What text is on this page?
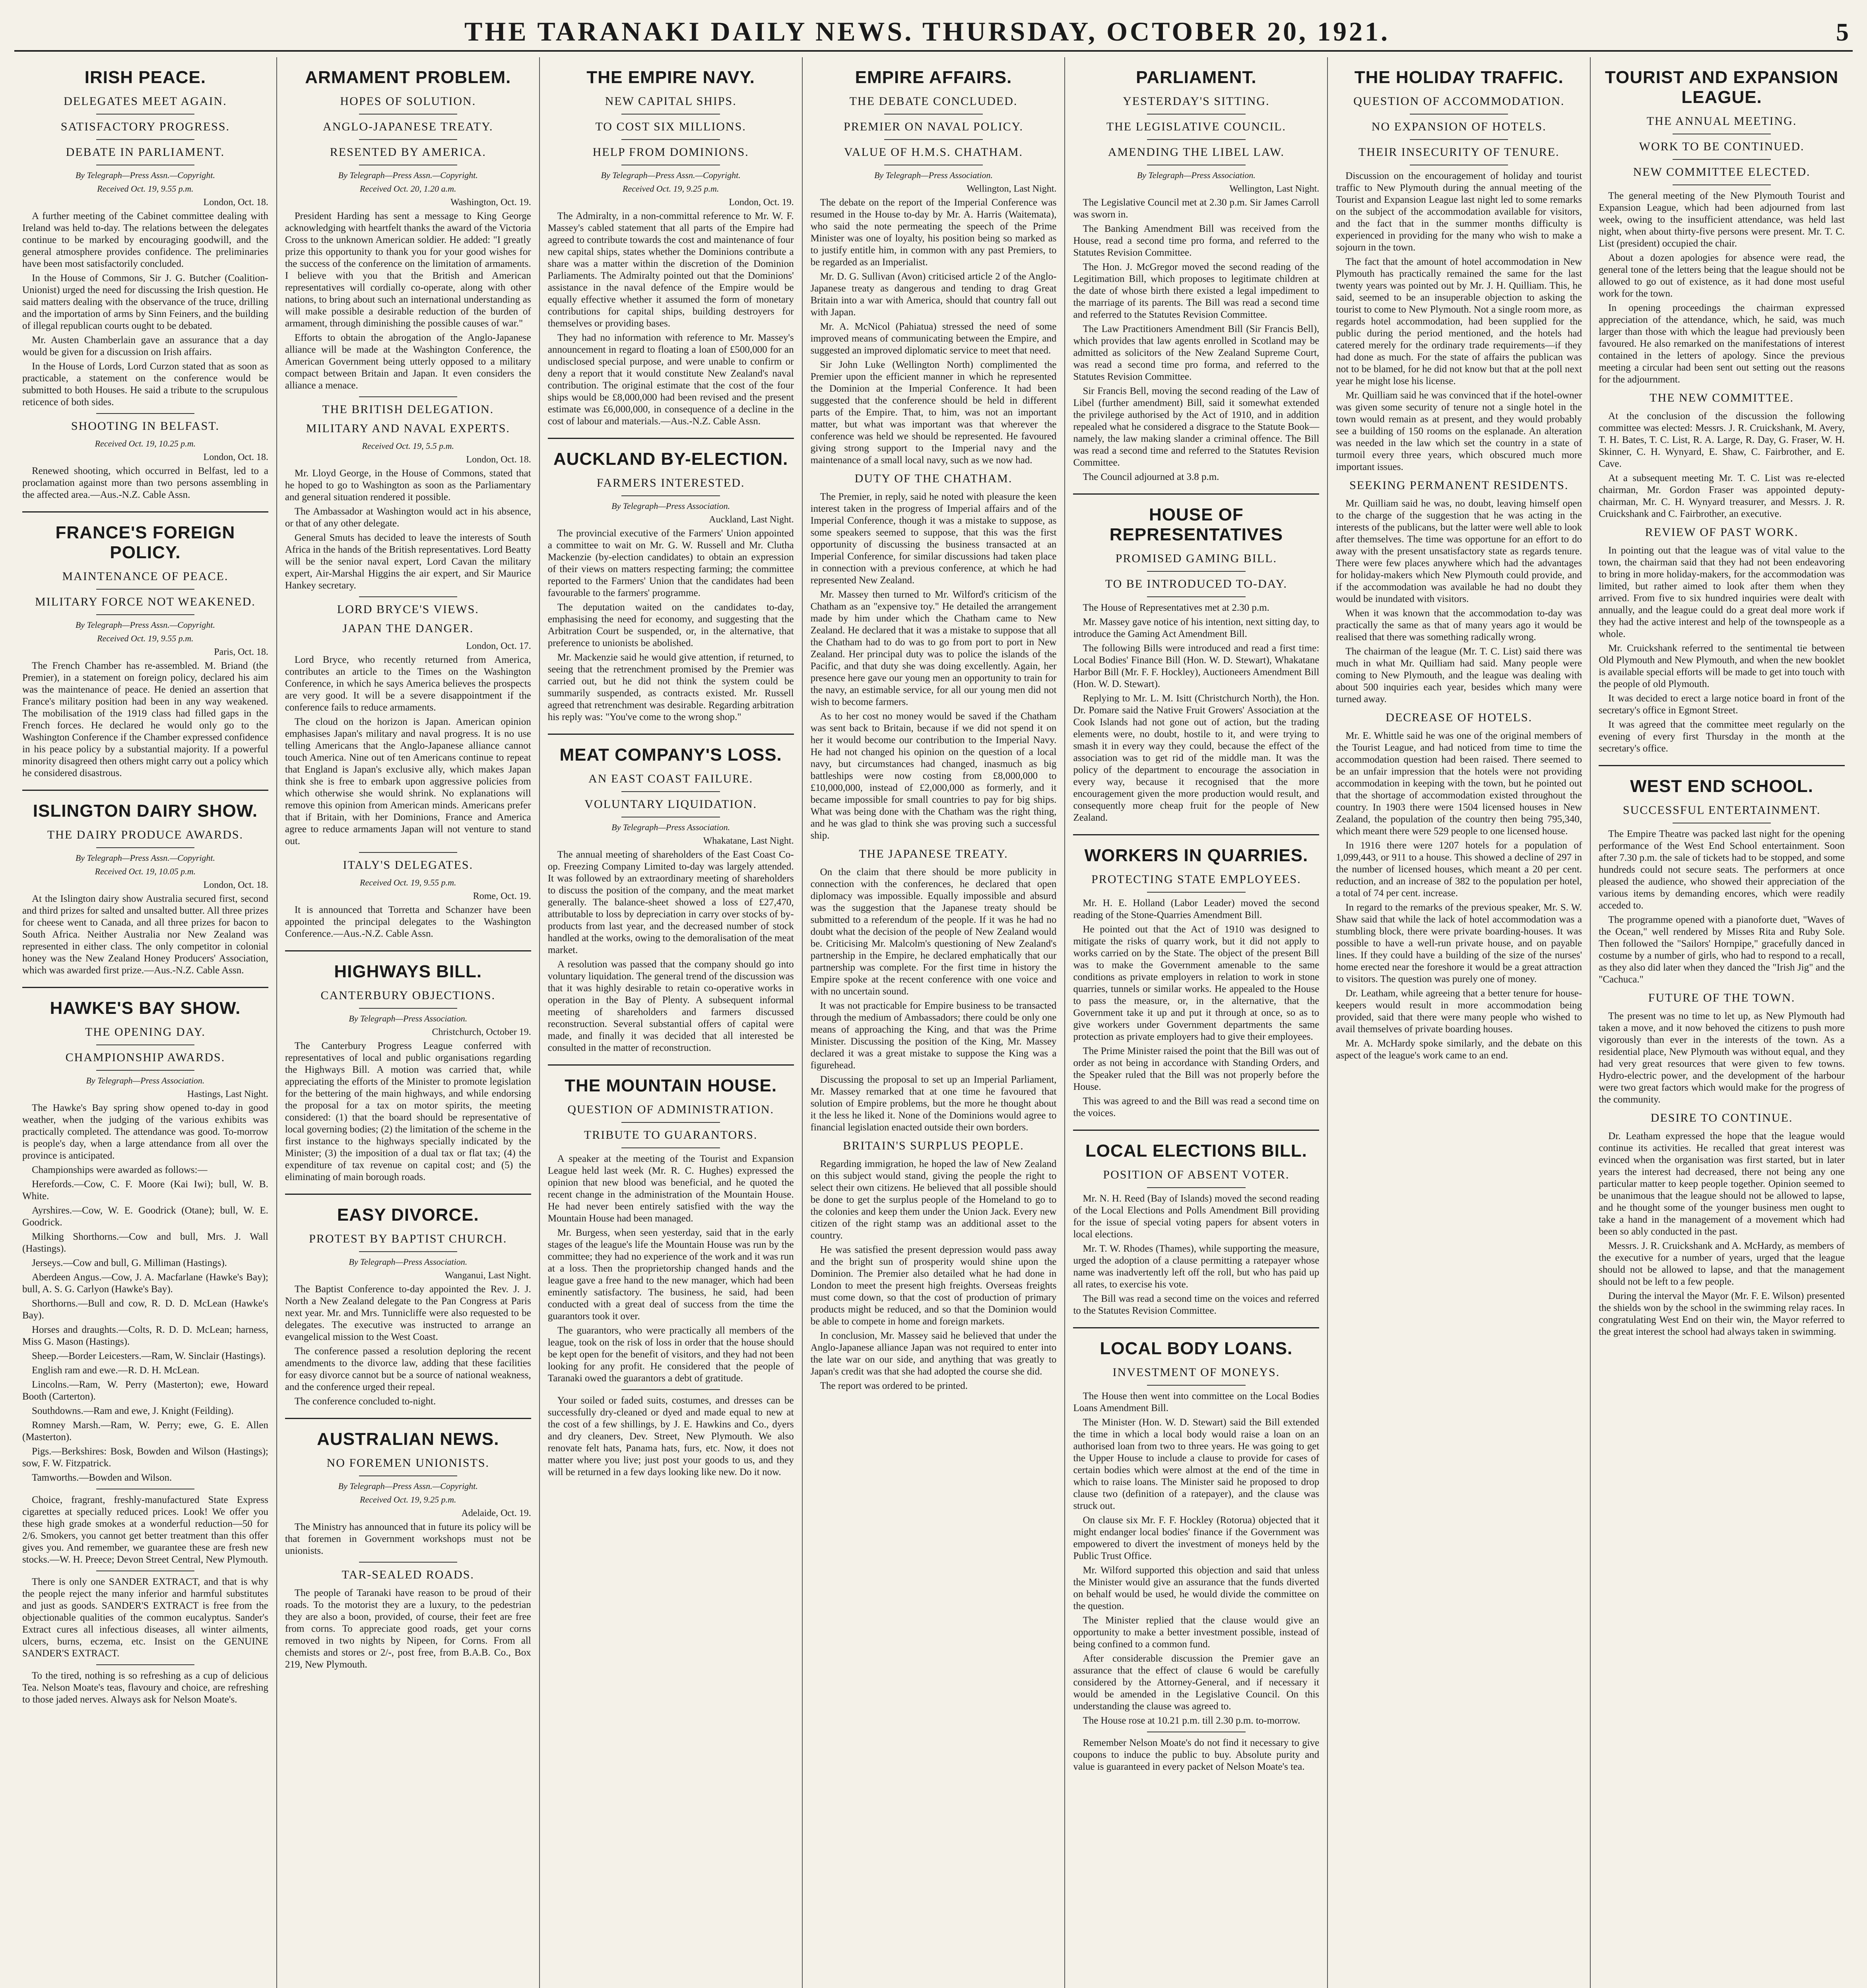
THE TARANAKI DAILY NEWS. THURSDAY, OCTOBER 20, 1921.	5
IRISH PEACE.
DELEGATES MEET AGAIN.
SATISFACTORY PROGRESS.
DEBATE IN PARLIAMENT.
By Telegraph—Press Assn.—Copyright.
Received Oct. 19, 9.55 p.m.
London, Oct. 18.

A further meeting of the Cabinet committee dealing with Ireland was held to-day. The relations between the delegates continue to be marked by encouraging goodwill, and the general atmosphere provides confidence. The preliminaries have been most satisfactorily concluded.

In the House of Commons, Sir J. G. Butcher (Coalition-Unionist) urged the need for discussing the Irish question. He said matters dealing with the observance of the truce, drilling and the importation of arms by Sinn Feiners, and the building of illegal republican courts ought to be debated.

Mr. Austen Chamberlain gave an assurance that a day would be given for a discussion on Irish affairs.

In the House of Lords, Lord Curzon stated that as soon as practicable, a statement on the conference would be submitted to both Houses. He said a tribute to the scrupulous reticence of both sides.

SHOOTING IN BELFAST.
Received Oct. 19, 10.25 p.m.
London, Oct. 18.

Renewed shooting, which occurred in Belfast, led to a proclamation against more than two persons assembling in the affected area.—Aus.-N.Z. Cable Assn.

FRANCE'S FOREIGN POLICY.
MAINTENANCE OF PEACE.
MILITARY FORCE NOT WEAKENED.
By Telegraph—Press Assn.—Copyright.
Received Oct. 19, 9.55 p.m.
Paris, Oct. 18.

The French Chamber has re-assembled. M. Briand (the Premier), in a statement on foreign policy, declared his aim was the maintenance of peace. He denied an assertion that France's military position had been in any way weakened. The mobilisation of the 1919 class had filled gaps in the French forces. He declared he would only go to the Washington Conference if the Chamber expressed confidence in his peace policy by a substantial majority. If a powerful minority disagreed then others might carry out a policy which he considered disastrous.

ISLINGTON DAIRY SHOW.
THE DAIRY PRODUCE AWARDS.
By Telegraph—Press Assn.—Copyright.
Received Oct. 19, 10.05 p.m.
London, Oct. 18.

At the Islington dairy show Australia secured first, second and third prizes for salted and unsalted butter. All three prizes for cheese went to Canada, and all three prizes for bacon to South Africa. Neither Australia nor New Zealand was represented in either class. The only competitor in colonial honey was the New Zealand Honey Producers' Association, which was awarded first prize.—Aus.-N.Z. Cable Assn.

HAWKE'S BAY SHOW.
THE OPENING DAY.
CHAMPIONSHIP AWARDS.
By Telegraph—Press Association.
Hastings, Last Night.

The Hawke's Bay spring show opened to-day in good weather, when the judging of the various exhibits was practically completed. The attendance was good. To-morrow is people's day, when a large attendance from all over the province is anticipated.

Championships were awarded as follows:—

Herefords.—Cow, C. F. Moore (Kai Iwi); bull, W. B. White.

Ayrshires.—Cow, W. E. Goodrick (Otane); bull, W. E. Goodrick.

Milking Shorthorns.—Cow and bull, Mrs. J. Wall (Hastings).

Jerseys.—Cow and bull, G. Milliman (Hastings).

Aberdeen Angus.—Cow, J. A. Macfarlane (Hawke's Bay); bull, A. S. G. Carlyon (Hawke's Bay).

Shorthorns.—Bull and cow, R. D. D. McLean (Hawke's Bay).

Horses and draughts.—Colts, R. D. D. McLean; harness, Miss G. Mason (Hastings).

Sheep.—Border Leicesters.—Ram, W. Sinclair (Hastings).

English ram and ewe.—R. D. H. McLean.

Lincolns.—Ram, W. Perry (Masterton); ewe, Howard Booth (Carterton).

Southdowns.—Ram and ewe, J. Knight (Feilding).

Romney Marsh.—Ram, W. Perry; ewe, G. E. Allen (Masterton).

Pigs.—Berkshires: Bosk, Bowden and Wilson (Hastings); sow, F. W. Fitzpatrick.

Tamworths.—Bowden and Wilson.

Choice, fragrant, freshly-manufactured State Express cigarettes at specially reduced prices. Look! We offer you these high grade smokes at a wonderful reduction—50 for 2/6. Smokers, you cannot get better treatment than this offer gives you. And remember, we guarantee these are fresh new stocks.—W. H. Preece; Devon Street Central, New Plymouth.

There is only one SANDER EXTRACT, and that is why the people reject the many inferior and harmful substitutes and just as goods. SANDER'S EXTRACT is free from the objectionable qualities of the common eucalyptus. Sander's Extract cures all infectious diseases, all winter ailments, ulcers, burns, eczema, etc. Insist on the GENUINE SANDER'S EXTRACT.

To the tired, nothing is so refreshing as a cup of delicious Tea. Nelson Moate's teas, flavoury and choice, are refreshing to those jaded nerves. Always ask for Nelson Moate's.

ARMAMENT PROBLEM.
HOPES OF SOLUTION.
ANGLO-JAPANESE TREATY.
RESENTED BY AMERICA.
By Telegraph—Press Assn.—Copyright.
Received Oct. 20, 1.20 a.m.
Washington, Oct. 19.

President Harding has sent a message to King George acknowledging with heartfelt thanks the award of the Victoria Cross to the unknown American soldier. He added: "I greatly prize this opportunity to thank you for your good wishes for the success of the conference on the limitation of armaments. I believe with you that the British and American representatives will cordially co-operate, along with other nations, to bring about such an international understanding as will make possible a desirable reduction of the burden of armament, through diminishing the possible causes of war."

Efforts to obtain the abrogation of the Anglo-Japanese alliance will be made at the Washington Conference, the American Government being utterly opposed to a military compact between Britain and Japan. It even considers the alliance a menace.

THE BRITISH DELEGATION.
MILITARY AND NAVAL EXPERTS.
Received Oct. 19, 5.5 p.m.
London, Oct. 18.

Mr. Lloyd George, in the House of Commons, stated that he hoped to go to Washington as soon as the Parliamentary and general situation rendered it possible.

The Ambassador at Washington would act in his absence, or that of any other delegate.

General Smuts has decided to leave the interests of South Africa in the hands of the British representatives. Lord Beatty will be the senior naval expert, Lord Cavan the military expert, Air-Marshal Higgins the air expert, and Sir Maurice Hankey secretary.

LORD BRYCE'S VIEWS.
JAPAN THE DANGER.
London, Oct. 17.

Lord Bryce, who recently returned from America, contributes an article to the Times on the Washington Conference, in which he says America believes the prospects are very good. It will be a severe disappointment if the conference fails to reduce armaments.

The cloud on the horizon is Japan. American opinion emphasises Japan's military and naval progress. It is no use telling Americans that the Anglo-Japanese alliance cannot touch America. Nine out of ten Americans continue to repeat that England is Japan's exclusive ally, which makes Japan think she is free to embark upon aggressive policies from which otherwise she would shrink. No explanations will remove this opinion from American minds. Americans prefer that if Britain, with her Dominions, France and America agree to reduce armaments Japan will not venture to stand out.

ITALY'S DELEGATES.
Received Oct. 19, 9.55 p.m.
Rome, Oct. 19.

It is announced that Torretta and Schanzer have been appointed the principal delegates to the Washington Conference.—Aus.-N.Z. Cable Assn.

HIGHWAYS BILL.
CANTERBURY OBJECTIONS.
By Telegraph—Press Association.
Christchurch, October 19.

The Canterbury Progress League conferred with representatives of local and public organisations regarding the Highways Bill. A motion was carried that, while appreciating the efforts of the Minister to promote legislation for the bettering of the main highways, and while endorsing the proposal for a tax on motor spirits, the meeting considered: (1) that the board should be representative of local governing bodies; (2) the limitation of the scheme in the first instance to the highways specially indicated by the Minister; (3) the imposition of a dual tax or flat tax; (4) the expenditure of tax revenue on capital cost; and (5) the eliminating of main borough roads.

EASY DIVORCE.
PROTEST BY BAPTIST CHURCH.
By Telegraph—Press Association.
Wanganui, Last Night.

The Baptist Conference to-day appointed the Rev. J. J. North a New Zealand delegate to the Pan Congress at Paris next year. Mr. and Mrs. Tunnicliffe were also requested to be delegates. The executive was instructed to arrange an evangelical mission to the West Coast.

The conference passed a resolution deploring the recent amendments to the divorce law, adding that these facilities for easy divorce cannot but be a source of national weakness, and the conference urged their repeal.

The conference concluded to-night.

AUSTRALIAN NEWS.
NO FOREMEN UNIONISTS.
By Telegraph—Press Assn.—Copyright.
Received Oct. 19, 9.25 p.m.
Adelaide, Oct. 19.

The Ministry has announced that in future its policy will be that foremen in Government workshops must not be unionists.

TAR-SEALED ROADS.

The people of Taranaki have reason to be proud of their roads. To the motorist they are a luxury, to the pedestrian they are also a boon, provided, of course, their feet are free from corns. To appreciate good roads, get your corns removed in two nights by Nipeen, for Corns. From all chemists and stores or 2/-, post free, from B.A.B. Co., Box 219, New Plymouth.

THE EMPIRE NAVY.
NEW CAPITAL SHIPS.
TO COST SIX MILLIONS.
HELP FROM DOMINIONS.
By Telegraph—Press Assn.—Copyright.
Received Oct. 19, 9.25 p.m.
London, Oct. 19.

The Admiralty, in a non-committal reference to Mr. W. F. Massey's cabled statement that all parts of the Empire had agreed to contribute towards the cost and maintenance of four new capital ships, states whether the Dominions contribute a share was a matter within the discretion of the Dominion Parliaments. The Admiralty pointed out that the Dominions' assistance in the naval defence of the Empire would be equally effective whether it assumed the form of monetary contributions for capital ships, building destroyers for themselves or providing bases.

They had no information with reference to Mr. Massey's announcement in regard to floating a loan of £500,000 for an undisclosed special purpose, and were unable to confirm or deny a report that it would constitute New Zealand's naval contribution. The original estimate that the cost of the four ships would be £8,000,000 had been revised and the present estimate was £6,000,000, in consequence of a decline in the cost of labour and materials.—Aus.-N.Z. Cable Assn.

AUCKLAND BY-ELECTION.
FARMERS INTERESTED.
By Telegraph—Press Association.
Auckland, Last Night.

The provincial executive of the Farmers' Union appointed a committee to wait on Mr. G. W. Russell and Mr. Clutha Mackenzie (by-election candidates) to obtain an expression of their views on matters respecting farming; the committee reported to the Farmers' Union that the candidates had been favourable to the farmers' programme.

The deputation waited on the candidates to-day, emphasising the need for economy, and suggesting that the Arbitration Court be suspended, or, in the alternative, that preference to unionists be abolished.

Mr. Mackenzie said he would give attention, if returned, to seeing that the retrenchment promised by the Premier was carried out, but he did not think the system could be summarily suspended, as contracts existed. Mr. Russell agreed that retrenchment was desirable. Regarding arbitration his reply was: "You've come to the wrong shop."

MEAT COMPANY'S LOSS.
AN EAST COAST FAILURE.
VOLUNTARY LIQUIDATION.
By Telegraph—Press Association.
Whakatane, Last Night.

The annual meeting of shareholders of the East Coast Co-op. Freezing Company Limited to-day was largely attended. It was followed by an extraordinary meeting of shareholders to discuss the position of the company, and the meat market generally. The balance-sheet showed a loss of £27,470, attributable to loss by depreciation in carry over stocks of by-products from last year, and the decreased number of stock handled at the works, owing to the demoralisation of the meat market.

A resolution was passed that the company should go into voluntary liquidation. The general trend of the discussion was that it was highly desirable to retain co-operative works in operation in the Bay of Plenty. A subsequent informal meeting of shareholders and farmers discussed reconstruction. Several substantial offers of capital were made, and finally it was decided that all interested be consulted in the matter of reconstruction.

THE MOUNTAIN HOUSE.
QUESTION OF ADMINISTRATION.
TRIBUTE TO GUARANTORS.

A speaker at the meeting of the Tourist and Expansion League held last week (Mr. R. C. Hughes) expressed the opinion that new blood was beneficial, and he quoted the recent change in the administration of the Mountain House. He had never been entirely satisfied with the way the Mountain House had been managed.

Mr. Burgess, when seen yesterday, said that in the early stages of the league's life the Mountain House was run by the committee; they had no experience of the work and it was run at a loss. Then the proprietorship changed hands and the league gave a free hand to the new manager, which had been eminently satisfactory. The business, he said, had been conducted with a great deal of success from the time the guarantors took it over.

The guarantors, who were practically all members of the league, took on the risk of loss in order that the house should be kept open for the benefit of visitors, and they had not been looking for any profit. He considered that the people of Taranaki owed the guarantors a debt of gratitude.

Your soiled or faded suits, costumes, and dresses can be successfully dry-cleaned or dyed and made equal to new at the cost of a few shillings, by J. E. Hawkins and Co., dyers and dry cleaners, Dev. Street, New Plymouth. We also renovate felt hats, Panama hats, furs, etc. Now, it does not matter where you live; just post your goods to us, and they will be returned in a few days looking like new. Do it now.

EMPIRE AFFAIRS.
THE DEBATE CONCLUDED.
PREMIER ON NAVAL POLICY.
VALUE OF H.M.S. CHATHAM.
By Telegraph—Press Association.
Wellington, Last Night.

The debate on the report of the Imperial Conference was resumed in the House to-day by Mr. A. Harris (Waitemata), who said the note permeating the speech of the Prime Minister was one of loyalty, his position being so marked as to justify entitle him, in common with any past Premiers, to be regarded as an Imperialist.

Mr. D. G. Sullivan (Avon) criticised article 2 of the Anglo-Japanese treaty as dangerous and tending to drag Great Britain into a war with America, should that country fall out with Japan.

Mr. A. McNicol (Pahiatua) stressed the need of some improved means of communicating between the Empire, and suggested an improved diplomatic service to meet that need.

Sir John Luke (Wellington North) complimented the Premier upon the efficient manner in which he represented the Dominion at the Imperial Conference. It had been suggested that the conference should be held in different parts of the Empire. That, to him, was not an important matter, but what was important was that wherever the conference was held we should be represented. He favoured giving strong support to the Imperial navy and the maintenance of a small local navy, such as we now had.

DUTY OF THE CHATHAM.

The Premier, in reply, said he noted with pleasure the keen interest taken in the progress of Imperial affairs and of the Imperial Conference, though it was a mistake to suppose, as some speakers seemed to suppose, that this was the first opportunity of discussing the business transacted at an Imperial Conference, for similar discussions had taken place in connection with a previous conference, at which he had represented New Zealand.

Mr. Massey then turned to Mr. Wilford's criticism of the Chatham as an "expensive toy." He detailed the arrangement made by him under which the Chatham came to New Zealand. He declared that it was a mistake to suppose that all the Chatham had to do was to go from port to port in New Zealand. Her principal duty was to police the islands of the Pacific, and that duty she was doing excellently. Again, her presence here gave our young men an opportunity to train for the navy, an estimable service, for all our young men did not wish to become farmers.

As to her cost no money would be saved if the Chatham was sent back to Britain, because if we did not spend it on her it would become our contribution to the Imperial Navy. He had not changed his opinion on the question of a local navy, but circumstances had changed, inasmuch as big battleships were now costing from £8,000,000 to £10,000,000, instead of £2,000,000 as formerly, and it became impossible for small countries to pay for big ships. What was being done with the Chatham was the right thing, and he was glad to think she was proving such a successful ship.

THE JAPANESE TREATY.

On the claim that there should be more publicity in connection with the conferences, he declared that open diplomacy was impossible. Equally impossible and absurd was the suggestion that the Japanese treaty should be submitted to a referendum of the people. If it was he had no doubt what the decision of the people of New Zealand would be. Criticising Mr. Malcolm's questioning of New Zealand's partnership in the Empire, he declared emphatically that our partnership was complete. For the first time in history the Empire spoke at the recent conference with one voice and with no uncertain sound.

It was not practicable for Empire business to be transacted through the medium of Ambassadors; there could be only one means of approaching the King, and that was the Prime Minister. Discussing the position of the King, Mr. Massey declared it was a great mistake to suppose the King was a figurehead.

Discussing the proposal to set up an Imperial Parliament, Mr. Massey remarked that at one time he favoured that solution of Empire problems, but the more he thought about it the less he liked it. None of the Dominions would agree to financial legislation enacted outside their own borders.

BRITAIN'S SURPLUS PEOPLE.

Regarding immigration, he hoped the law of New Zealand on this subject would stand, giving the people the right to select their own citizens. He believed that all possible should be done to get the surplus people of the Homeland to go to the colonies and keep them under the Union Jack. Every new citizen of the right stamp was an additional asset to the country.

He was satisfied the present depression would pass away and the bright sun of prosperity would shine upon the Dominion. The Premier also detailed what he had done in London to meet the present high freights. Overseas freights must come down, so that the cost of production of primary products might be reduced, and so that the Dominion would be able to compete in home and foreign markets.

In conclusion, Mr. Massey said he believed that under the Anglo-Japanese alliance Japan was not required to enter into the late war on our side, and anything that was greatly to Japan's credit was that she had adopted the course she did.

The report was ordered to be printed.

PARLIAMENT.
YESTERDAY'S SITTING.
THE LEGISLATIVE COUNCIL.
AMENDING THE LIBEL LAW.
By Telegraph—Press Association.
Wellington, Last Night.

The Legislative Council met at 2.30 p.m. Sir James Carroll was sworn in.

The Banking Amendment Bill was received from the House, read a second time pro forma, and referred to the Statutes Revision Committee.

The Hon. J. McGregor moved the second reading of the Legitimation Bill, which proposes to legitimate children at the date of whose birth there existed a legal impediment to the marriage of its parents. The Bill was read a second time and referred to the Statutes Revision Committee.

The Law Practitioners Amendment Bill (Sir Francis Bell), which provides that law agents enrolled in Scotland may be admitted as solicitors of the New Zealand Supreme Court, was read a second time pro forma, and referred to the Statutes Revision Committee.

Sir Francis Bell, moving the second reading of the Law of Libel (further amendment) Bill, said it somewhat extended the privilege authorised by the Act of 1910, and in addition repealed what he considered a disgrace to the Statute Book—namely, the law making slander a criminal offence. The Bill was read a second time and referred to the Statutes Revision Committee.

The Council adjourned at 3.8 p.m.

HOUSE OF REPRESENTATIVES
PROMISED GAMING BILL.
TO BE INTRODUCED TO-DAY.

The House of Representatives met at 2.30 p.m.

Mr. Massey gave notice of his intention, next sitting day, to introduce the Gaming Act Amendment Bill.

The following Bills were introduced and read a first time: Local Bodies' Finance Bill (Hon. W. D. Stewart), Whakatane Harbor Bill (Mr. F. F. Hockley), Auctioneers Amendment Bill (Hon. W. D. Stewart).

Replying to Mr. L. M. Isitt (Christchurch North), the Hon. Dr. Pomare said the Native Fruit Growers' Association at the Cook Islands had not gone out of action, but the trading elements were, no doubt, hostile to it, and were trying to smash it in every way they could, because the effect of the association was to get rid of the middle man. It was the policy of the department to encourage the association in every way, because it recognised that the more encouragement given the more production would result, and consequently more cheap fruit for the people of New Zealand.

WORKERS IN QUARRIES.
PROTECTING STATE EMPLOYEES.

Mr. H. E. Holland (Labor Leader) moved the second reading of the Stone-Quarries Amendment Bill.

He pointed out that the Act of 1910 was designed to mitigate the risks of quarry work, but it did not apply to works carried on by the State. The object of the present Bill was to make the Government amenable to the same conditions as private employers in relation to work in stone quarries, tunnels or similar works. He appealed to the House to pass the measure, or, in the alternative, that the Government take it up and put it through at once, so as to give workers under Government departments the same protection as private employers had to give their employees.

The Prime Minister raised the point that the Bill was out of order as not being in accordance with Standing Orders, and the Speaker ruled that the Bill was not properly before the House.

This was agreed to and the Bill was read a second time on the voices.

LOCAL ELECTIONS BILL.
POSITION OF ABSENT VOTER.

Mr. N. H. Reed (Bay of Islands) moved the second reading of the Local Elections and Polls Amendment Bill providing for the issue of special voting papers for absent voters in local elections.

Mr. T. W. Rhodes (Thames), while supporting the measure, urged the adoption of a clause permitting a ratepayer whose name was inadvertently left off the roll, but who has paid up all rates, to exercise his vote.

The Bill was read a second time on the voices and referred to the Statutes Revision Committee.

LOCAL BODY LOANS.
INVESTMENT OF MONEYS.

The House then went into committee on the Local Bodies Loans Amendment Bill.

The Minister (Hon. W. D. Stewart) said the Bill extended the time in which a local body would raise a loan on an authorised loan from two to three years. He was going to get the Upper House to include a clause to provide for cases of certain bodies which were almost at the end of the time in which to raise loans. The Minister said he proposed to drop clause two (definition of a ratepayer), and the clause was struck out.

On clause six Mr. F. F. Hockley (Rotorua) objected that it might endanger local bodies' finance if the Government was empowered to divert the investment of moneys held by the Public Trust Office.

Mr. Wilford supported this objection and said that unless the Minister would give an assurance that the funds diverted on behalf would be used, he would divide the committee on the question.

The Minister replied that the clause would give an opportunity to make a better investment possible, instead of being confined to a common fund.

After considerable discussion the Premier gave an assurance that the effect of clause 6 would be carefully considered by the Attorney-General, and if necessary it would be amended in the Legislative Council. On this understanding the clause was agreed to.

The House rose at 10.21 p.m. till 2.30 p.m. to-morrow.

Remember Nelson Moate's do not find it necessary to give coupons to induce the public to buy. Absolute purity and value is guaranteed in every packet of Nelson Moate's tea.

THE HOLIDAY TRAFFIC.
QUESTION OF ACCOMMODATION.
NO EXPANSION OF HOTELS.
THEIR INSECURITY OF TENURE.

Discussion on the encouragement of holiday and tourist traffic to New Plymouth during the annual meeting of the Tourist and Expansion League last night led to some remarks on the subject of the accommodation available for visitors, and the fact that in the summer months difficulty is experienced in providing for the many who wish to make a sojourn in the town.

The fact that the amount of hotel accommodation in New Plymouth has practically remained the same for the last twenty years was pointed out by Mr. J. H. Quilliam. This, he said, seemed to be an insuperable objection to asking the tourist to come to New Plymouth. Not a single room more, as regards hotel accommodation, had been supplied for the public during the period mentioned, and the hotels had catered merely for the ordinary trade requirements—if they had done as much. For the state of affairs the publican was not to be blamed, for he did not know but that at the poll next year he might lose his license.

Mr. Quilliam said he was convinced that if the hotel-owner was given some security of tenure not a single hotel in the town would remain as at present, and they would probably see a building of 150 rooms on the esplanade. An alteration was needed in the law which set the country in a state of turmoil every three years, which obscured much more important issues.

SEEKING PERMANENT RESIDENTS.

Mr. Quilliam said he was, no doubt, leaving himself open to the charge of the suggestion that he was acting in the interests of the publicans, but the latter were well able to look after themselves. The time was opportune for an effort to do away with the present unsatisfactory state as regards tenure. There were few places anywhere which had the advantages for holiday-makers which New Plymouth could provide, and if the accommodation was available he had no doubt they would be inundated with visitors.

When it was known that the accommodation to-day was practically the same as that of many years ago it would be realised that there was something radically wrong.

The chairman of the league (Mr. T. C. List) said there was much in what Mr. Quilliam had said. Many people were coming to New Plymouth, and the league was dealing with about 500 inquiries each year, besides which many were turned away.

DECREASE OF HOTELS.

Mr. E. Whittle said he was one of the original members of the Tourist League, and had noticed from time to time the accommodation question had been raised. There seemed to be an unfair impression that the hotels were not providing accommodation in keeping with the town, but he pointed out that the shortage of accommodation existed throughout the country. In 1903 there were 1504 licensed houses in New Zealand, the population of the country then being 795,340, which meant there were 529 people to one licensed house.

In 1916 there were 1207 hotels for a population of 1,099,443, or 911 to a house. This showed a decline of 297 in the number of licensed houses, which meant a 20 per cent. reduction, and an increase of 382 to the population per hotel, a total of 74 per cent. increase.

In regard to the remarks of the previous speaker, Mr. S. W. Shaw said that while the lack of hotel accommodation was a stumbling block, there were private boarding-houses. It was possible to have a well-run private house, and on payable lines. If they could have a building of the size of the nurses' home erected near the foreshore it would be a great attraction to visitors. The question was purely one of money.

Dr. Leatham, while agreeing that a better tenure for house-keepers would result in more accommodation being provided, said that there were many people who wished to avail themselves of private boarding houses.

Mr. A. McHardy spoke similarly, and the debate on this aspect of the league's work came to an end.

TOURIST AND EXPANSION LEAGUE.
THE ANNUAL MEETING.
WORK TO BE CONTINUED.
NEW COMMITTEE ELECTED.

The general meeting of the New Plymouth Tourist and Expansion League, which had been adjourned from last week, owing to the insufficient attendance, was held last night, when about thirty-five persons were present. Mr. T. C. List (president) occupied the chair.

About a dozen apologies for absence were read, the general tone of the letters being that the league should not be allowed to go out of existence, as it had done most useful work for the town.

In opening proceedings the chairman expressed appreciation of the attendance, which, he said, was much larger than those with which the league had previously been favoured. He also remarked on the manifestations of interest contained in the letters of apology. Since the previous meeting a circular had been sent out setting out the reasons for the adjournment.

THE NEW COMMITTEE.

At the conclusion of the discussion the following committee was elected: Messrs. J. R. Cruickshank, M. Avery, T. H. Bates, T. C. List, R. A. Large, R. Day, G. Fraser, W. H. Skinner, C. H. Wynyard, E. Shaw, C. Fairbrother, and E. Cave.

At a subsequent meeting Mr. T. C. List was re-elected chairman, Mr. Gordon Fraser was appointed deputy-chairman, Mr. C. H. Wynyard treasurer, and Messrs. J. R. Cruickshank and C. Fairbrother, an executive.

REVIEW OF PAST WORK.

In pointing out that the league was of vital value to the town, the chairman said that they had not been endeavoring to bring in more holiday-makers, for the accommodation was limited, but rather aimed to look after them when they arrived. From five to six hundred inquiries were dealt with annually, and the league could do a great deal more work if they had the active interest and help of the townspeople as a whole.

Mr. Cruickshank referred to the sentimental tie between Old Plymouth and New Plymouth, and when the new booklet is available special efforts will be made to get into touch with the people of old Plymouth.

It was decided to erect a large notice board in front of the secretary's office in Egmont Street.

It was agreed that the committee meet regularly on the evening of every first Thursday in the month at the secretary's office.

WEST END SCHOOL.
SUCCESSFUL ENTERTAINMENT.

The Empire Theatre was packed last night for the opening performance of the West End School entertainment. Soon after 7.30 p.m. the sale of tickets had to be stopped, and some hundreds could not secure seats. The performers at once pleased the audience, who showed their appreciation of the various items by demanding encores, which were readily acceded to.

The programme opened with a pianoforte duet, "Waves of the Ocean," well rendered by Misses Rita and Ruby Sole. Then followed the "Sailors' Hornpipe," gracefully danced in costume by a number of girls, who had to respond to a recall, as they also did later when they danced the "Irish Jig" and the "Cachuca."

FUTURE OF THE TOWN.

The present was no time to let up, as New Plymouth had taken a move, and it now behoved the citizens to push more vigorously than ever in the interests of the town. As a residential place, New Plymouth was without equal, and they had very great resources that were given to few towns. Hydro-electric power, and the development of the harbour were two great factors which would make for the progress of the community.

DESIRE TO CONTINUE.

Dr. Leatham expressed the hope that the league would continue its activities. He recalled that great interest was evinced when the organisation was first started, but in later years the interest had decreased, there not being any one particular matter to keep people together. Opinion seemed to be unanimous that the league should not be allowed to lapse, and he thought some of the younger business men ought to take a hand in the management of a movement which had been so ably conducted in the past.

Messrs. J. R. Cruickshank and A. McHardy, as members of the executive for a number of years, urged that the league should not be allowed to lapse, and that the management should not be left to a few people.

During the interval the Mayor (Mr. F. E. Wilson) presented the shields won by the school in the swimming relay races. In congratulating West End on their win, the Mayor referred to the great interest the school had always taken in swimming.
